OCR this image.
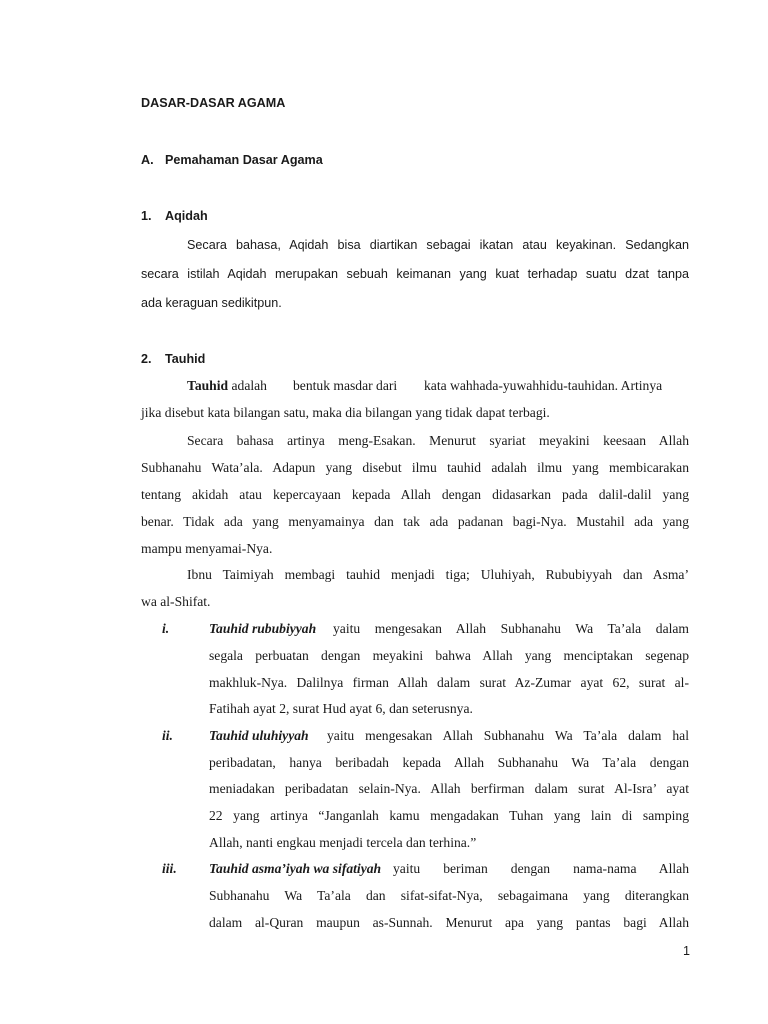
DASAR-DASAR AGAMA
A. Pemahaman Dasar Agama
1. Aqidah
Secara bahasa, Aqidah bisa diartikan sebagai ikatan atau keyakinan. Sedangkan
secara istilah Aqidah merupakan sebuah keimanan yang kuat terhadap suatu dzat tanpa
ada keraguan sedikitpun.
2. Tauhid
Tauhid adalah bentuk masdar dari kata wahhada-yuwahhidu-tauhidan. Artinya
jika disebut kata bilangan satu, maka dia bilangan yang tidak dapat terbagi.
Secara bahasa artinya meng-Esakan. Menurut syariat meyakini keesaan Allah
Subhanahu Wata’ala. Adapun yang disebut ilmu tauhid adalah ilmu yang membicarakan
tentang akidah atau kepercayaan kepada Allah dengan didasarkan pada dalil-dalil yang
benar. Tidak ada yang menyamainya dan tak ada padanan bagi-Nya. Mustahil ada yang
mampu menyamai-Nya.
Ibnu Taimiyah membagi tauhid menjadi tiga; Uluhiyah, Rububiyyah dan Asma’
wa al-Shifat.
i.	Tauhid rububiyyah yaitu mengesakan Allah Subhanahu Wa Ta’ala dalam
segala perbuatan dengan meyakini bahwa Allah yang menciptakan segenap
makhluk-Nya. Dalilnya firman Allah dalam surat Az-Zumar ayat 62, surat al-
Fatihah ayat 2, surat Hud ayat 6, dan seterusnya.
ii.	Tauhid uluhiyyah yaitu mengesakan Allah Subhanahu Wa Ta’ala dalam hal
peribadatan, hanya beribadah kepada Allah Subhanahu Wa Ta’ala dengan
meniadakan peribadatan selain-Nya. Allah berfirman dalam surat Al-Isra’ ayat
22 yang artinya “Janganlah kamu mengadakan Tuhan yang lain di samping
Allah, nanti engkau menjadi tercela dan terhina.”
iii. Tauhid asma’iyah wa sifatiyah yaitu beriman dengan nama-nama Allah
Subhanahu Wa Ta’ala dan sifat-sifat-Nya, sebagaimana yang diterangkan
dalam al-Quran maupun as-Sunnah. Menurut apa yang pantas bagi Allah
1
